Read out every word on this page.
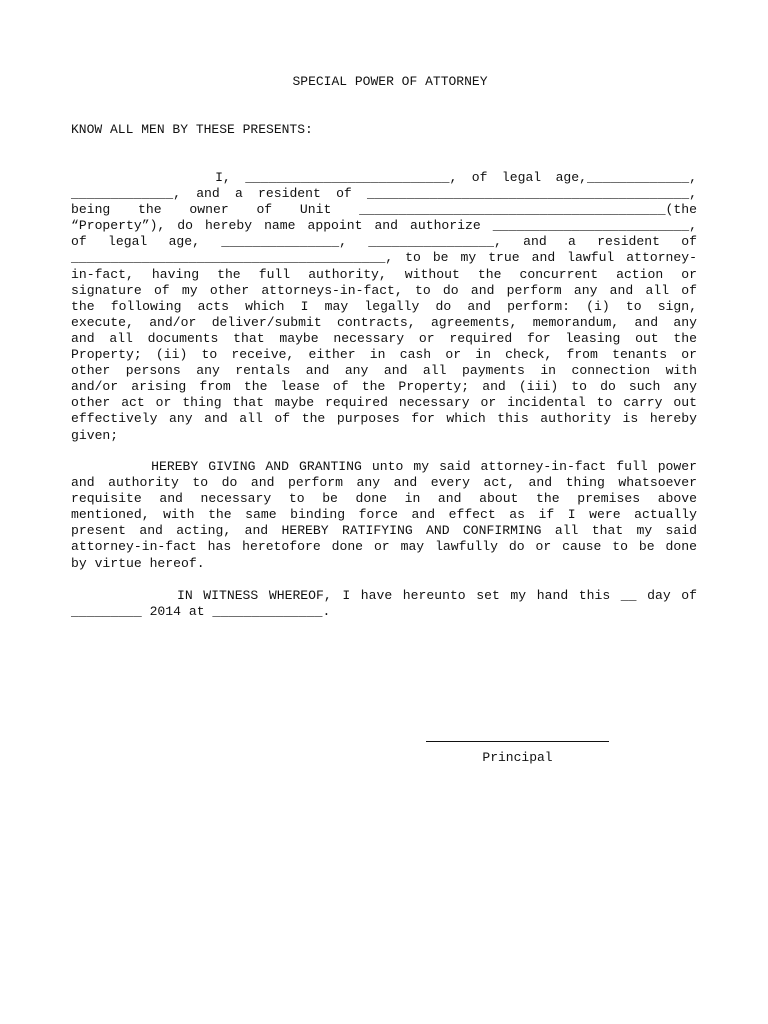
SPECIAL POWER OF ATTORNEY
KNOW ALL MEN BY THESE PRESENTS:
I, __________________________, of legal age,_____________,
_____________, and a resident of _________________________________________,
being the owner of Unit _______________________________________(the
“Property”), do hereby name appoint and authorize _________________________,
of legal age, _______________, ________________, and a resident of
________________________________________, to be my true and lawful attorney-
in-fact, having the full authority, without the concurrent action or
signature of my other attorneys-in-fact, to do and perform any and all of
the following acts which I may legally do and perform: (i) to sign,
execute, and/or deliver/submit contracts, agreements, memorandum, and any
and all documents that maybe necessary or required for leasing out the
Property; (ii) to receive, either in cash or in check, from tenants or
other persons any rentals and any and all payments in connection with
and/or arising from the lease of the Property; and (iii) to do such any
other act or thing that maybe required necessary or incidental to carry out
effectively any and all of the purposes for which this authority is hereby
given;
HEREBY GIVING AND GRANTING unto my said attorney-in-fact full power
and authority to do and perform any and every act, and thing whatsoever
requisite and necessary to be done in and about the premises above
mentioned, with the same binding force and effect as if I were actually
present and acting, and HEREBY RATIFYING AND CONFIRMING all that my said
attorney-in-fact has heretofore done or may lawfully do or cause to be done
by virtue hereof.
IN WITNESS WHEREOF, I have hereunto set my hand this __ day of
_________ 2014 at ______________.
Principal
